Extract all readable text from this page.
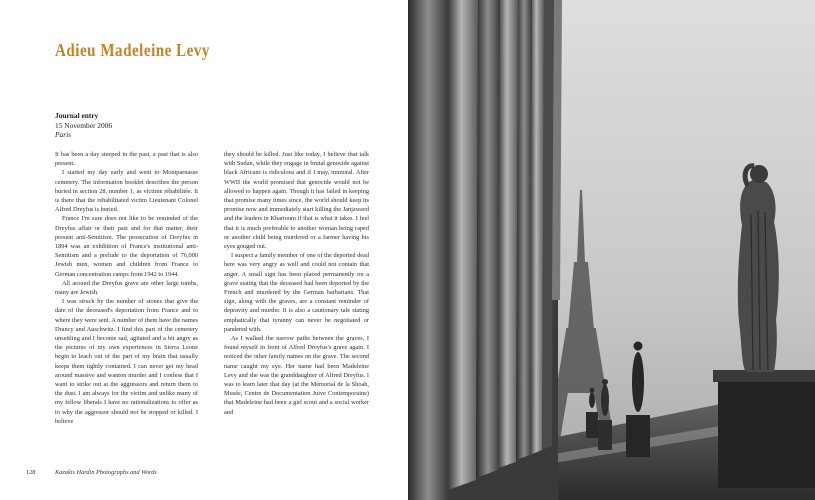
Adieu Madeleine Levy
Journal entry
15 November 2006
Paris

It has been a day steeped in the past, a past that is also present.

I started my day early and went to Montparnasse cemetery. The information booklet describes the person buried in section 28, number 1, as victime réhabilitée. It is there that the rehabilitated victim Lieutenant Colonel Alfred Dreyfus is buried.

France I'm sure does not like to be reminded of the Dreyfus affair or their past and for that matter, their present anti-Semitism. The prosecution of Dreyfus in 1894 was an exhibition of France's institutional anti-Semitism and a prelude to the deportation of 76,000 Jewish men, women and children from France to German concentration camps from 1942 to 1944.

All around the Dreyfus grave are other large tombs, many are Jewish.

I was struck by the number of stones that give the date of the deceased's deportation from France and to where they were sent. A number of them have the names Drancy and Auschwitz. I find this part of the cemetery unsettling and I become sad, agitated and a bit angry as the pictures of my own experiences in Sierra Leone begin to leach out of the part of my brain that usually keeps them tightly contained. I can never get my head around massive and wanton murder and I confess that I want to strike out at the aggressors and return them to the dust. I am always for the victim and unlike many of my fellow liberals I have no rationalizations to offer as to why the aggressor should not be stopped or killed. I believe

they should be killed. Just like today, I believe that talk with Sudan, while they engage in brutal genocide against black Africans is ridiculous and if I may, immoral. After WWII the world promised that genocide would not be allowed to happen again. Though it has failed in keeping that promise many times since, the world should keep its promise now and immediately start killing the Janjaweed and the leaders in Khartoum if that is what it takes. I feel that it is much preferable to another woman being raped or another child being murdered or a farmer having his eyes gouged out.

I suspect a family member of one of the deported dead here was very angry as well and could not contain that anger. A small sign has been placed permanently on a grave stating that the deceased had been deported by the French and murdered by the German barbarians. That sign, along with the graves, are a constant reminder of depravity and murder. It is also a cautionary tale stating emphatically that tyranny can never be negotiated or pandered with.

As I walked the narrow paths between the graves, I found myself in front of Alfred Dreyfus's grave again. I noticed the other family names on the grave. The second name caught my eye. Her name had been Madeleine Levy and she was the granddaughter of Alfred Dreyfus. I was to learn later that day (at the Mémorial de la Shoah, Musée, Centre de Documentation Juive Contemporaine) that Madeleine had been a girl scout and a social worker and

128	Kazakis Hardin Photographs and Words
